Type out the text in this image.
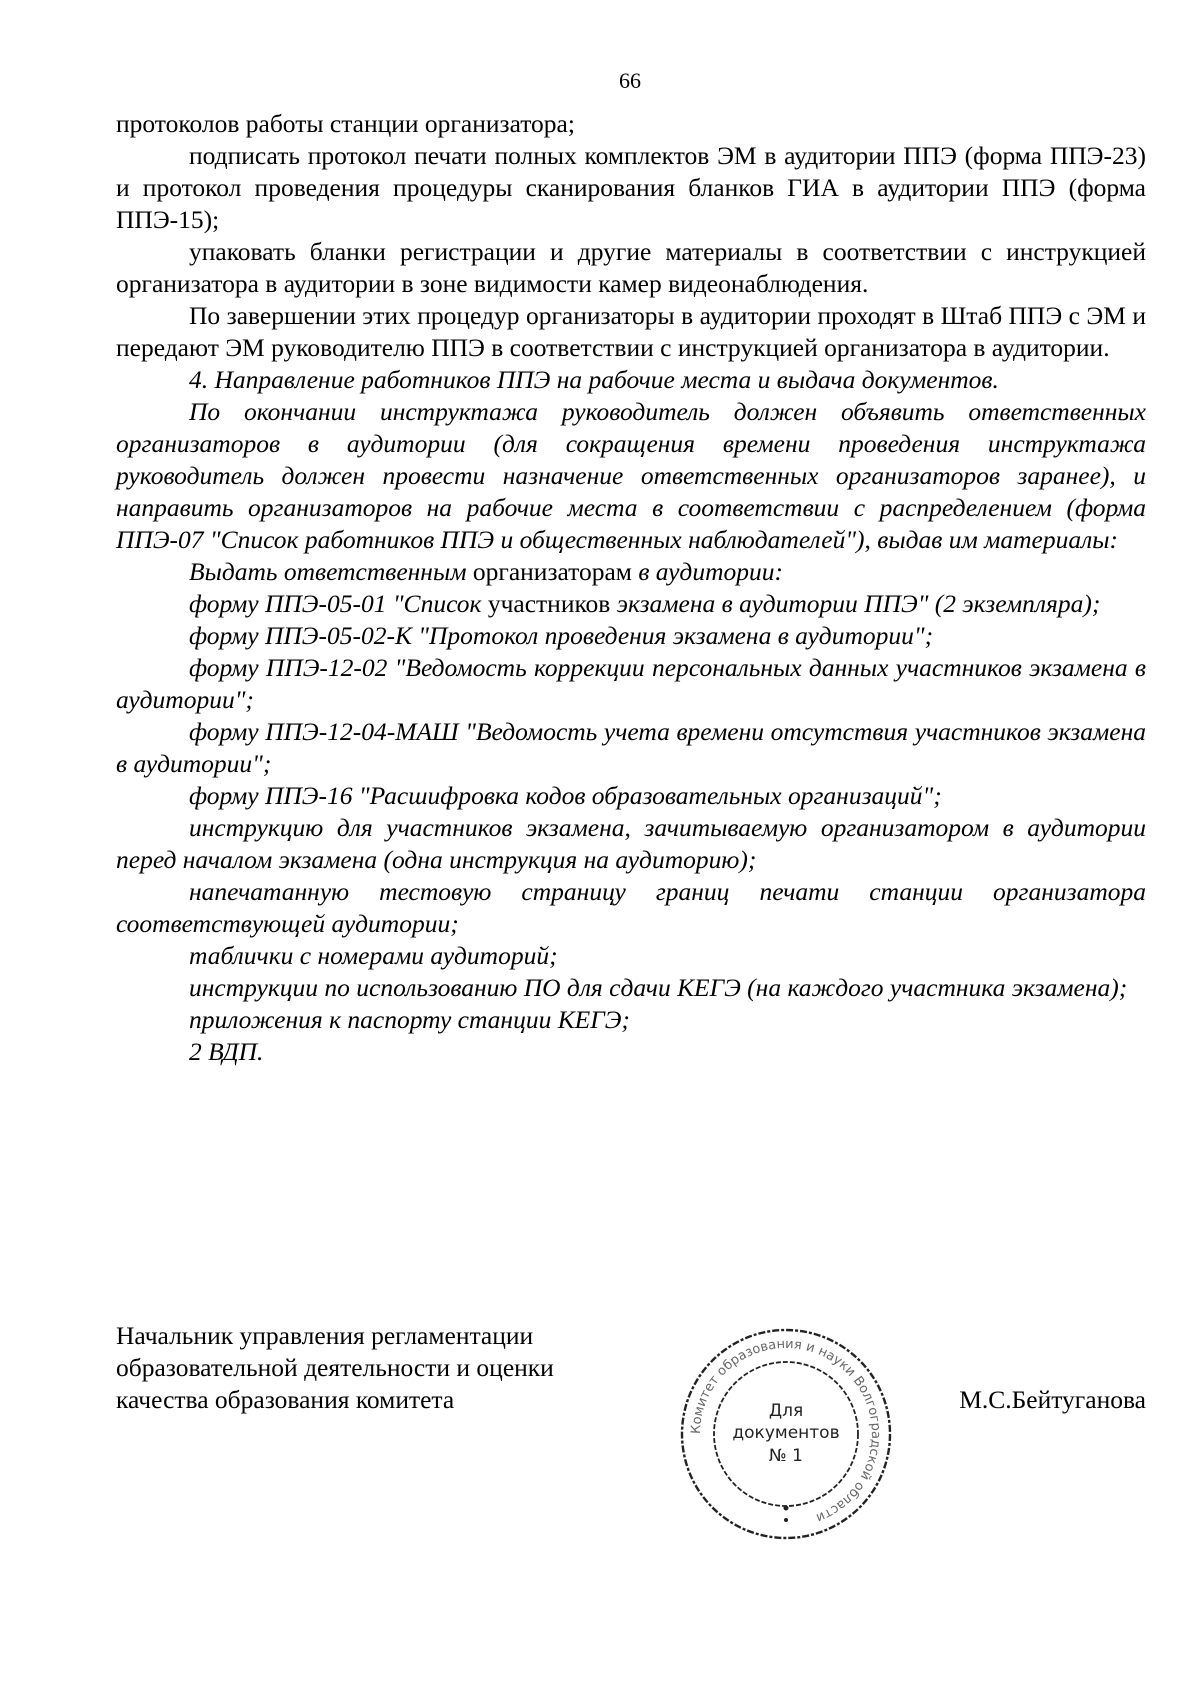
66

протоколов работы станции организатора;

подписать протокол печати полных комплектов ЭМ в аудитории ППЭ (форма ППЭ-23) и протокол проведения процедуры сканирования бланков ГИА в аудитории ППЭ (форма ППЭ-15);

упаковать бланки регистрации и другие материалы в соответствии с инструкцией организатора в аудитории в зоне видимости камер видеонаблюдения.

По завершении этих процедур организаторы в аудитории проходят в Штаб ППЭ с ЭМ и передают ЭМ руководителю ППЭ в соответствии с инструкцией организатора в аудитории.

4. Направление работников ППЭ на рабочие места и выдача документов.

По окончании инструктажа руководитель должен объявить ответственных организаторов в аудитории (для сокращения времени проведения инструктажа руководитель должен провести назначение ответственных организаторов заранее), и направить организаторов на рабочие места в соответствии с распределением (форма ППЭ-07 "Список работников ППЭ и общественных наблюдателей"), выдав им материалы:

Выдать ответственным организаторам в аудитории:

форму ППЭ-05-01 "Список участников экзамена в аудитории ППЭ" (2 экземпляра);

форму ППЭ-05-02-К "Протокол проведения экзамена в аудитории";

форму ППЭ-12-02 "Ведомость коррекции персональных данных участников экзамена в аудитории";

форму ППЭ-12-04-МАШ "Ведомость учета времени отсутствия участников экзамена в аудитории";

форму ППЭ-16 "Расшифровка кодов образовательных организаций";

инструкцию для участников экзамена, зачитываемую организатором в аудитории перед началом экзамена (одна инструкция на аудиторию);

напечатанную тестовую страницу границ печати станции организатора соответствующей аудитории;

таблички с номерами аудиторий;

инструкции по использованию ПО для сдачи КЕГЭ (на каждого участника экзамена);

приложения к паспорту станции КЕГЭ;

2 ВДП.

Начальник управления регламентации
образовательной деятельности и оценки
качества образования комитета
Комитет образования и науки Волгоградской области
Для
документов
№ 1
М.С.Бейтуганова
